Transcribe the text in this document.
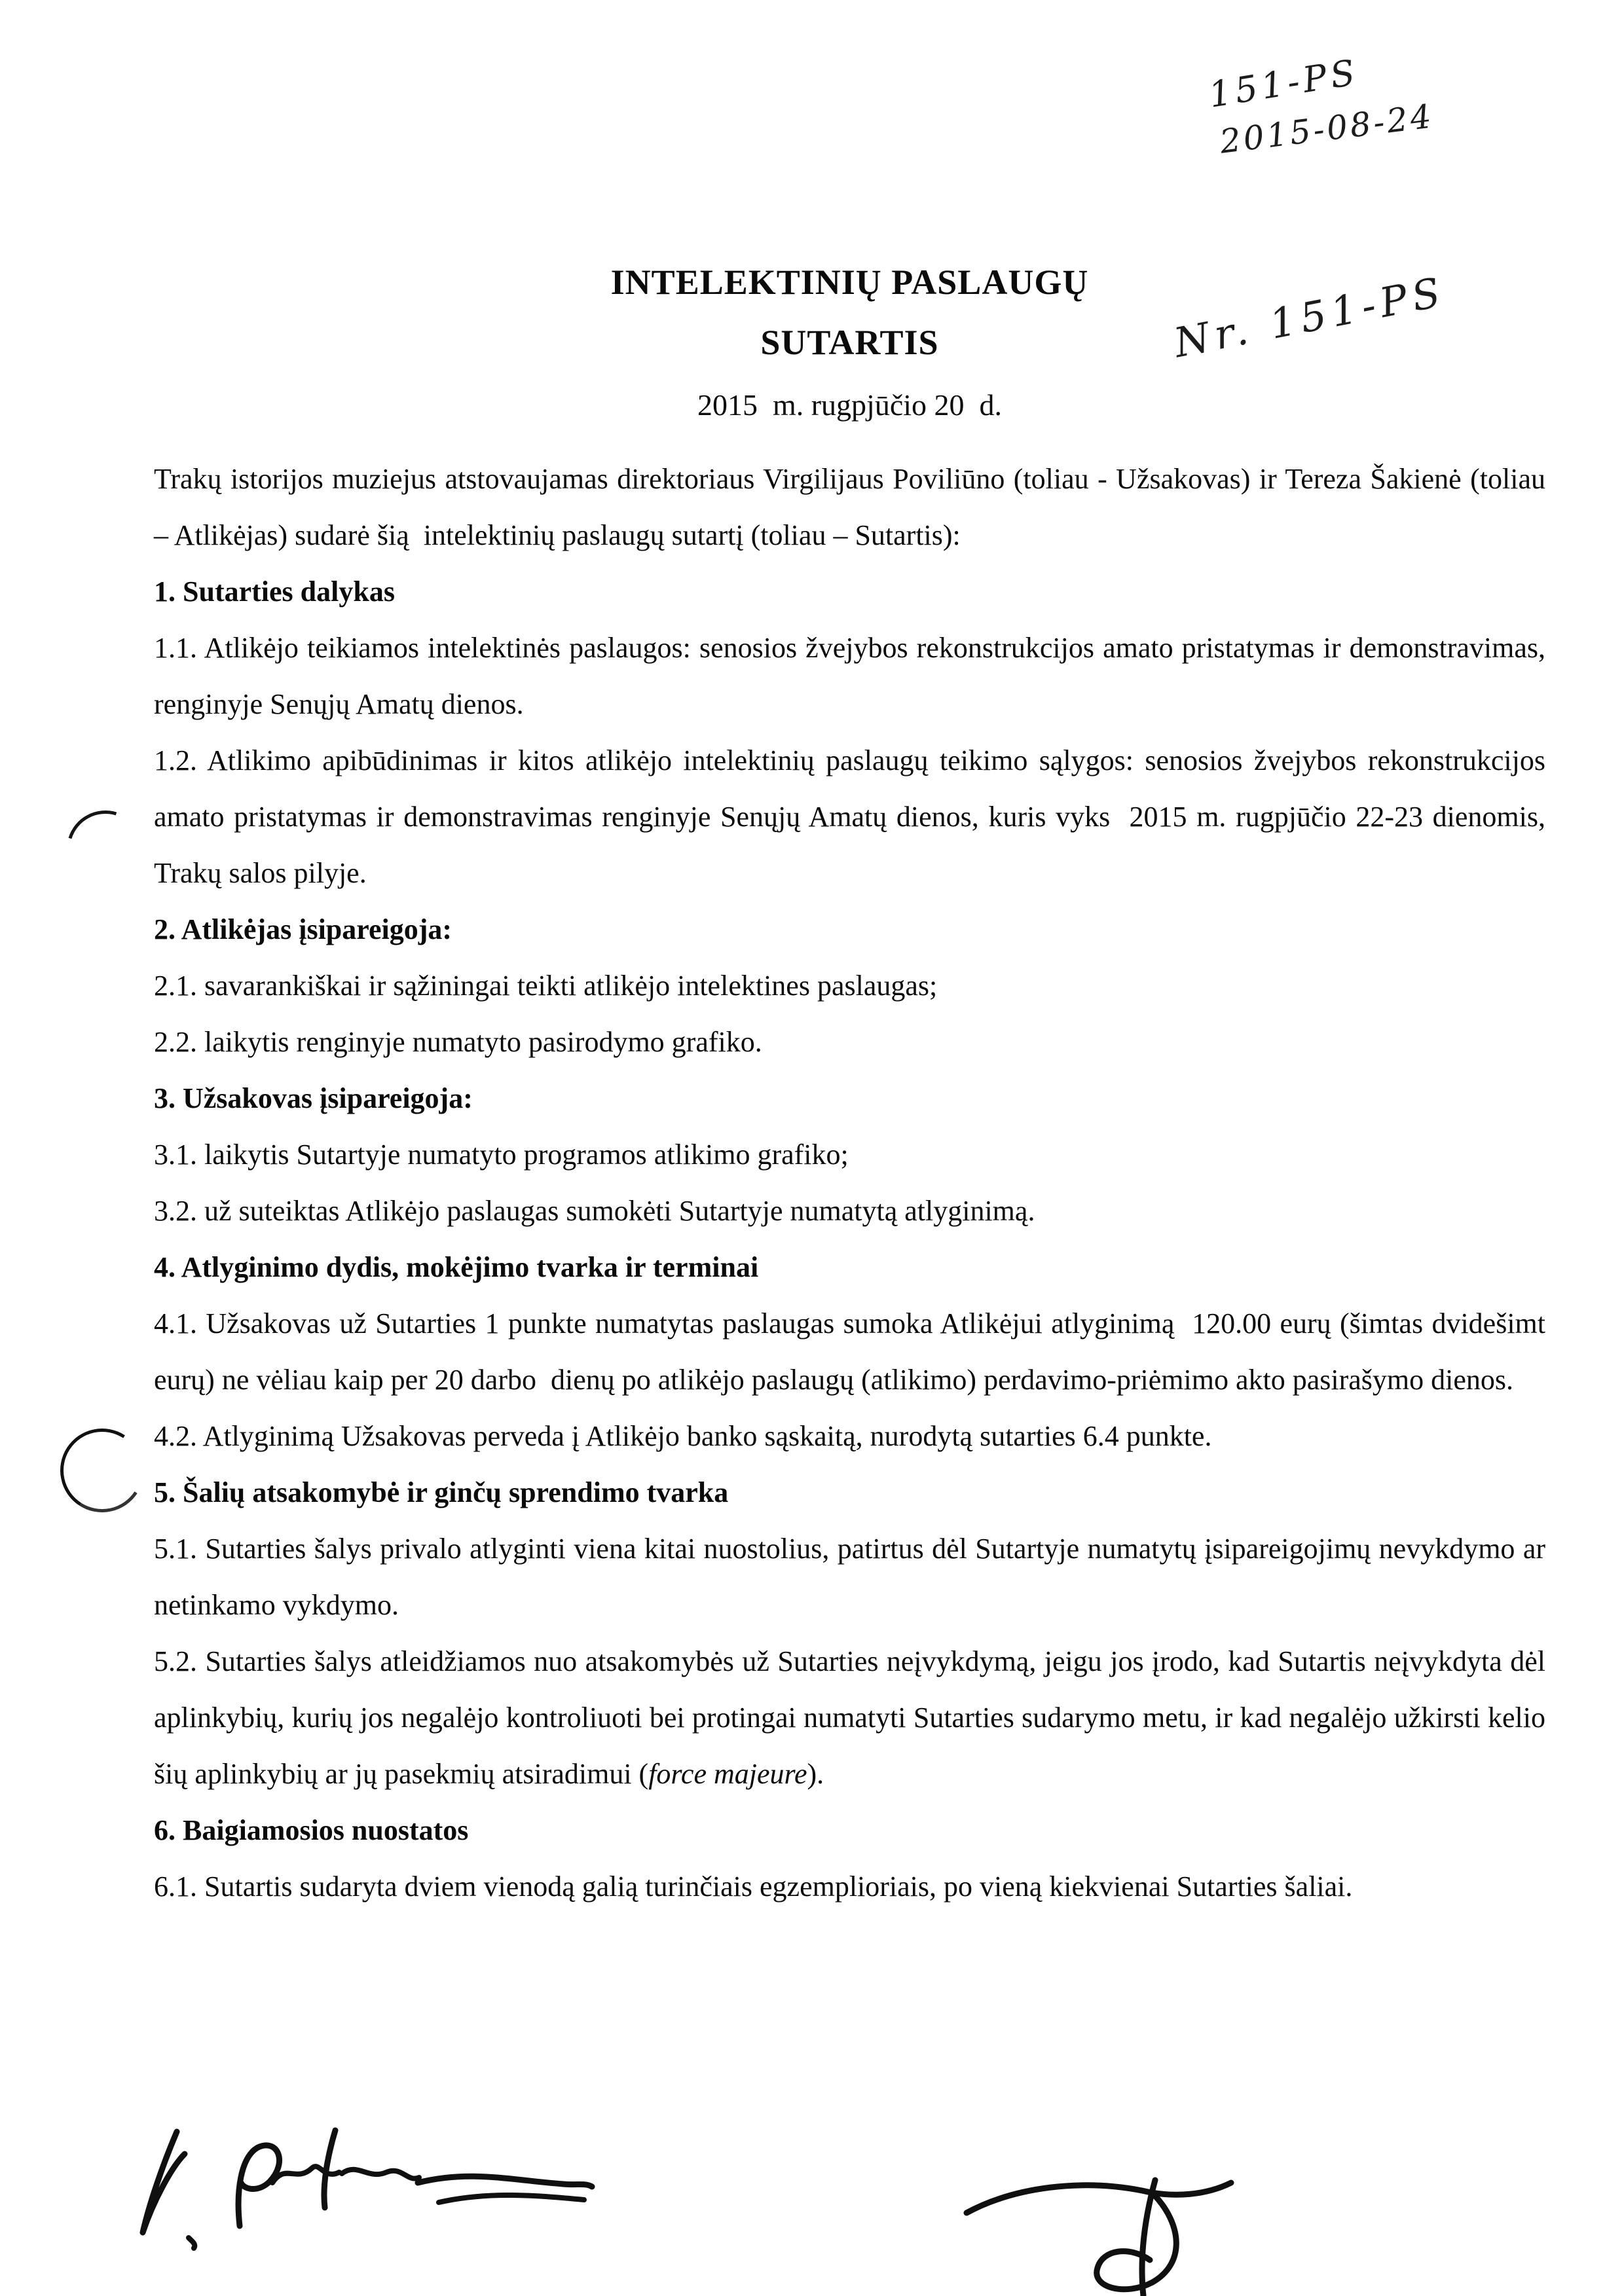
151-PS
2015-08-24
Nr. 151-PS
INTELEKTINIŲ PASLAUGŲ
SUTARTIS
2015  m. rugpjūčio 20  d.

Trakų istorijos muziejus atstovaujamas direktoriaus Virgilijaus Poviliūno (toliau - Užsakovas) ir Tereza Šakienė (toliau – Atlikėjas) sudarė šią  intelektinių paslaugų sutartį (toliau – Sutartis):

1. Sutarties dalykas

1.1. Atlikėjo teikiamos intelektinės paslaugos: senosios žvejybos rekonstrukcijos amato pristatymas ir demonstravimas, renginyje Senųjų Amatų dienos.

1.2. Atlikimo apibūdinimas ir kitos atlikėjo intelektinių paslaugų teikimo sąlygos: senosios žvejybos rekonstrukcijos amato pristatymas ir demonstravimas renginyje Senųjų Amatų dienos, kuris vyks  2015 m. rugpjūčio 22-23 dienomis, Trakų salos pilyje.

2. Atlikėjas įsipareigoja:

2.1. savarankiškai ir sąžiningai teikti atlikėjo intelektines paslaugas;

2.2. laikytis renginyje numatyto pasirodymo grafiko.

3. Užsakovas įsipareigoja:

3.1. laikytis Sutartyje numatyto programos atlikimo grafiko;

3.2. už suteiktas Atlikėjo paslaugas sumokėti Sutartyje numatytą atlyginimą.

4. Atlyginimo dydis, mokėjimo tvarka ir terminai

4.1. Užsakovas už Sutarties 1 punkte numatytas paslaugas sumoka Atlikėjui atlyginimą  120.00 eurų (šimtas dvidešimt eurų) ne vėliau kaip per 20 darbo  dienų po atlikėjo paslaugų (atlikimo) perdavimo-priėmimo akto pasirašymo dienos.

4.2. Atlyginimą Užsakovas perveda į Atlikėjo banko sąskaitą, nurodytą sutarties 6.4 punkte.

5. Šalių atsakomybė ir ginčų sprendimo tvarka

5.1. Sutarties šalys privalo atlyginti viena kitai nuostolius, patirtus dėl Sutartyje numatytų įsipareigojimų nevykdymo ar netinkamo vykdymo.

5.2. Sutarties šalys atleidžiamos nuo atsakomybės už Sutarties neįvykdymą, jeigu jos įrodo, kad Sutartis neįvykdyta dėl aplinkybių, kurių jos negalėjo kontroliuoti bei protingai numatyti Sutarties sudarymo metu, ir kad negalėjo užkirsti kelio šių aplinkybių ar jų pasekmių atsiradimui (force majeure).

6. Baigiamosios nuostatos

6.1. Sutartis sudaryta dviem vienodą galią turinčiais egzemplioriais, po vieną kiekvienai Sutarties šaliai.
